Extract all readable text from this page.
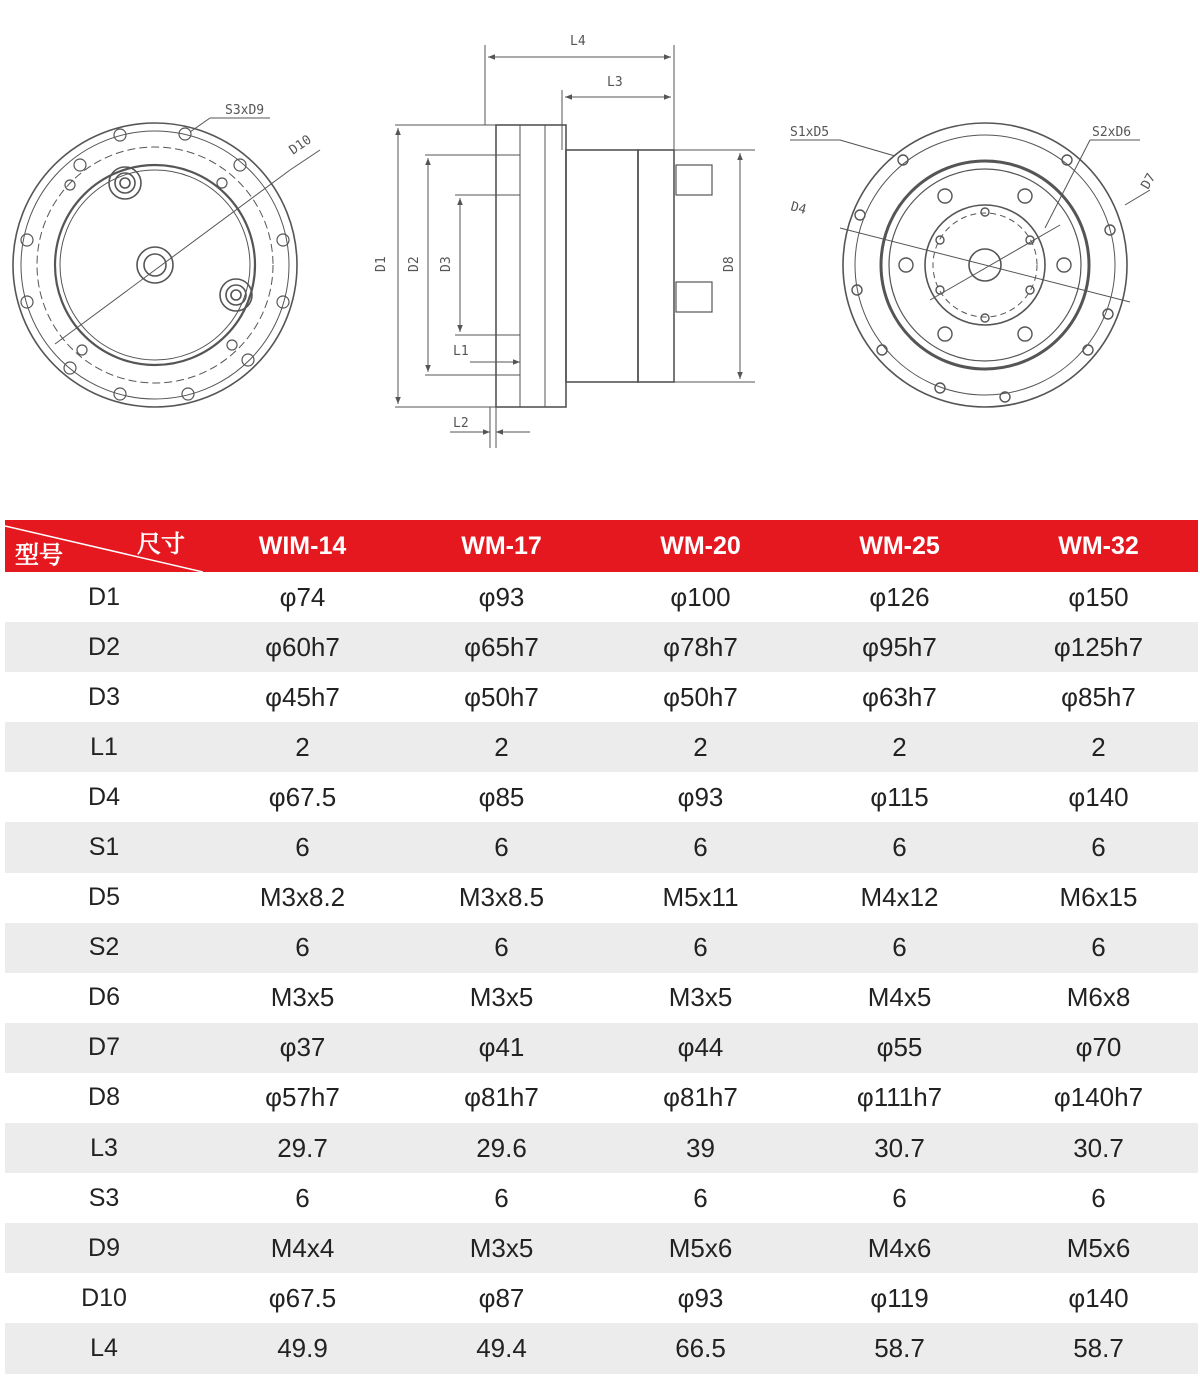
S3xD9
D10
L4
L3
D1 D2 D3
L1
L2
D8
S1xD5	S2xD6
D7
D4
尺寸
型号	WIM-14	WM-17	WM-20	WM-25	WM-32
D1	φ74	φ93	φ100	φ126	φ150
D2	φ60h7	φ65h7	φ78h7	φ95h7	φ125h7
D3	φ45h7	φ50h7	φ50h7	φ63h7	φ85h7
L1	2	2	2	2	2
D4	φ67.5	φ85	φ93	φ115	φ140
S1	6	6	6	6	6
D5	M3x8.2	M3x8.5	M5x11	M4x12	M6x15
S2	6	6	6	6	6
D6	M3x5	M3x5	M3x5	M4x5	M6x8
D7	φ37	φ41	φ44	φ55	φ70
D8	φ57h7	φ81h7	φ81h7	φ111h7	φ140h7
L3	29.7	29.6	39	30.7	30.7
S3	6	6	6	6	6
D9	M4x4	M3x5	M5x6	M4x6	M5x6
D10	φ67.5	φ87	φ93	φ119	φ140
L4	49.9	49.4	66.5	58.7	58.7
